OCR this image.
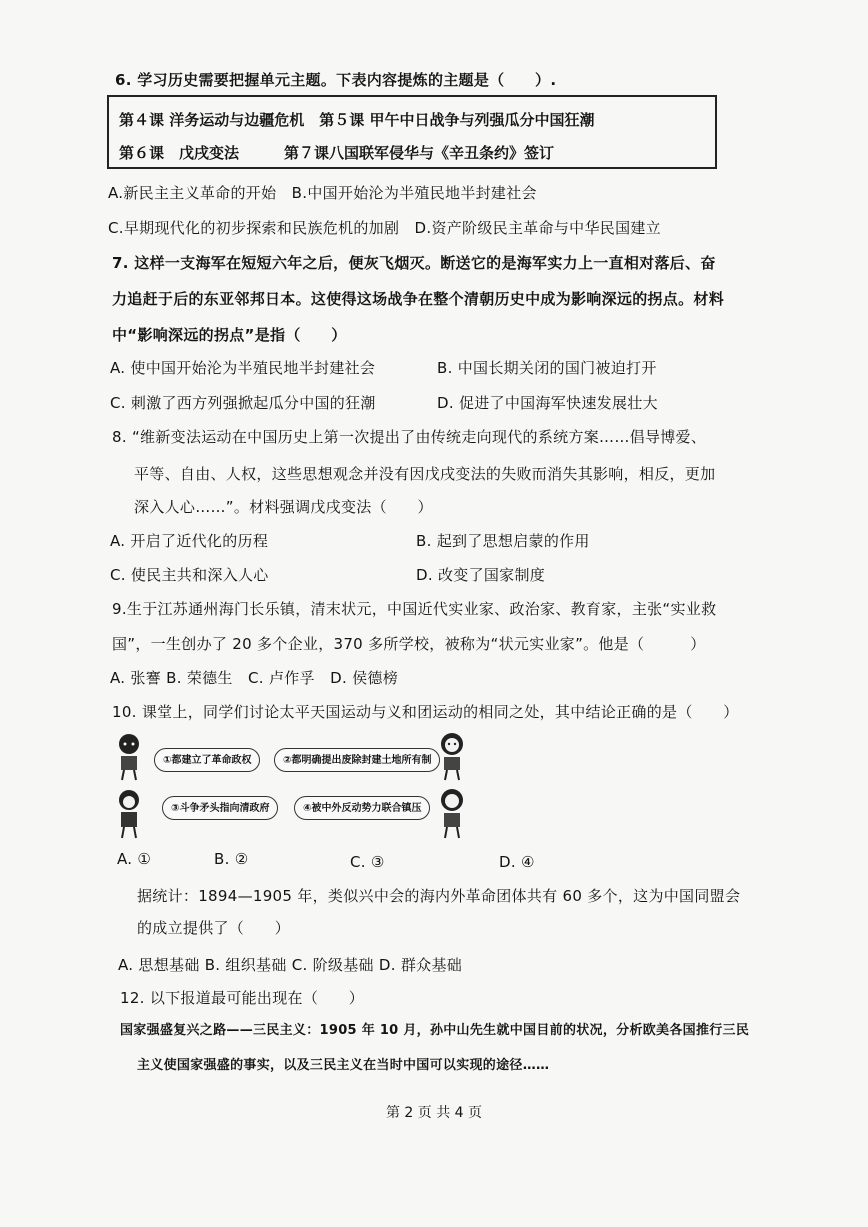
6. 学习历史需要把握单元主题。下表内容提炼的主题是（　　）.
第４课 洋务运动与边疆危机　第５课 甲午中日战争与列强瓜分中国狂潮
第６课　戊戌变法　　　第７课八国联军侵华与《辛丑条约》签订
A.新民主主义革命的开始　B.中国开始沦为半殖民地半封建社会
C.早期现代化的初步探索和民族危机的加剧　D.资产阶级民主革命与中华民国建立
7. 这样一支海军在短短六年之后，便灰飞烟灭。断送它的是海军实力上一直相对落后、奋
力追赶于后的东亚邻邦日本。这使得这场战争在整个清朝历史中成为影响深远的拐点。材料
中“影响深远的拐点”是指（　　）
A. 使中国开始沦为半殖民地半封建社会	B. 中国长期关闭的国门被迫打开
C. 刺激了西方列强掀起瓜分中国的狂潮	D. 促进了中国海军快速发展壮大
8. “维新变法运动在中国历史上第一次提出了由传统走向现代的系统方案……倡导博爱、
平等、自由、人权，这些思想观念并没有因戊戌变法的失败而消失其影响，相反，更加
深入人心……”。材料强调戊戌变法（　　）
A. 开启了近代化的历程	B. 起到了思想启蒙的作用
C. 使民主共和深入人心	D. 改变了国家制度
9.生于江苏通州海门长乐镇，清末状元，中国近代实业家、政治家、教育家，主张“实业救
国”，一生创办了 20 多个企业，370 多所学校，被称为“状元实业家”。他是（　　　）
A. 张謇 B. 荣德生　C. 卢作孚　D. 侯德榜
10. 课堂上，同学们讨论太平天国运动与义和团运动的相同之处，其中结论正确的是（　　）
①都建立了革命政权	②都明确提出废除封建土地所有制
③斗争矛头指向清政府	④被中外反动势力联合镇压
A. ①	B. ②	C. ③	D. ④
据统计：1894—1905 年，类似兴中会的海内外革命团体共有 60 多个，这为中国同盟会
的成立提供了（　　）
A. 思想基础 B. 组织基础 C. 阶级基础 D. 群众基础
12. 以下报道最可能出现在（　　）
国家强盛复兴之路——三民主义：1905 年 10 月，孙中山先生就中国目前的状况，分析欧美各国推行三民
主义使国家强盛的事实，以及三民主义在当时中国可以实现的途径……
第 2 页 共 4 页
